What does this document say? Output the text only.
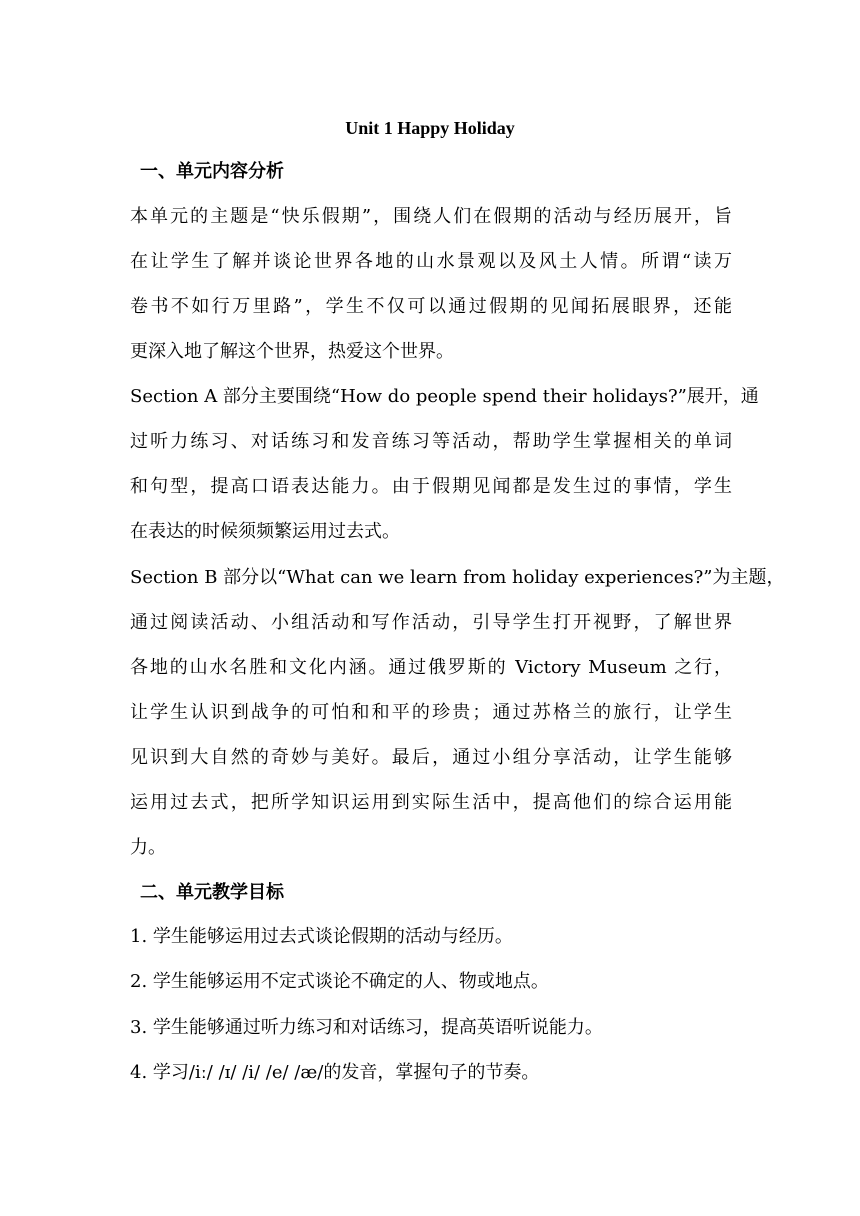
Unit 1 Happy Holiday
一、单元内容分析
本单元的主题是“快乐假期”，围绕人们在假期的活动与经历展开，旨
在让学生了解并谈论世界各地的山水景观以及风土人情。所谓“读万
卷书不如行万里路”，学生不仅可以通过假期的见闻拓展眼界，还能
更深入地了解这个世界，热爱这个世界。
Section A 部分主要围绕“How do people spend their holidays?”展开，通
过听力练习、对话练习和发音练习等活动，帮助学生掌握相关的单词
和句型，提高口语表达能力。由于假期见闻都是发生过的事情，学生
在表达的时候须频繁运用过去式。
Section B 部分以“What can we learn from holiday experiences?”为主题，
通过阅读活动、小组活动和写作活动，引导学生打开视野，了解世界
各地的山水名胜和文化内涵。通过俄罗斯的 Victory Museum 之行，
让学生认识到战争的可怕和和平的珍贵；通过苏格兰的旅行，让学生
见识到大自然的奇妙与美好。最后，通过小组分享活动，让学生能够
运用过去式，把所学知识运用到实际生活中，提高他们的综合运用能
力。
二、单元教学目标
1. 学生能够运用过去式谈论假期的活动与经历。
2. 学生能够运用不定式谈论不确定的人、物或地点。
3. 学生能够通过听力练习和对话练习，提高英语听说能力。
4. 学习/iː/ /ɪ/ /i/ /e/ /æ/的发音，掌握句子的节奏。
